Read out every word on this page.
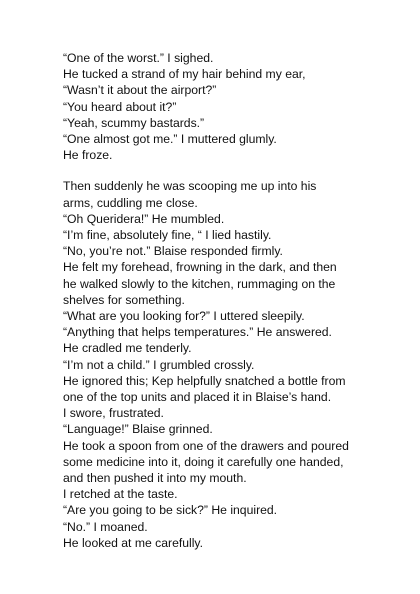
“One of the worst.” I sighed.
He tucked a strand of my hair behind my ear,
“Wasn’t it about the airport?”
“You heard about it?”
“Yeah, scummy bastards.”
“One almost got me.” I muttered glumly.
He froze.
Then suddenly he was scooping me up into his
arms, cuddling me close.
“Oh Queridera!” He mumbled.
“I’m fine, absolutely fine, “ I lied hastily.
“No, you’re not.” Blaise responded firmly.
He felt my forehead, frowning in the dark, and then
he walked slowly to the kitchen, rummaging on the
shelves for something.
“What are you looking for?” I uttered sleepily.
“Anything that helps temperatures.” He answered.
He cradled me tenderly.
“I’m not a child.” I grumbled crossly.
He ignored this; Kep helpfully snatched a bottle from
one of the top units and placed it in Blaise’s hand.
I swore, frustrated.
“Language!” Blaise grinned.
He took a spoon from one of the drawers and poured
some medicine into it, doing it carefully one handed,
and then pushed it into my mouth.
I retched at the taste.
“Are you going to be sick?” He inquired.
“No.” I moaned.
He looked at me carefully.
